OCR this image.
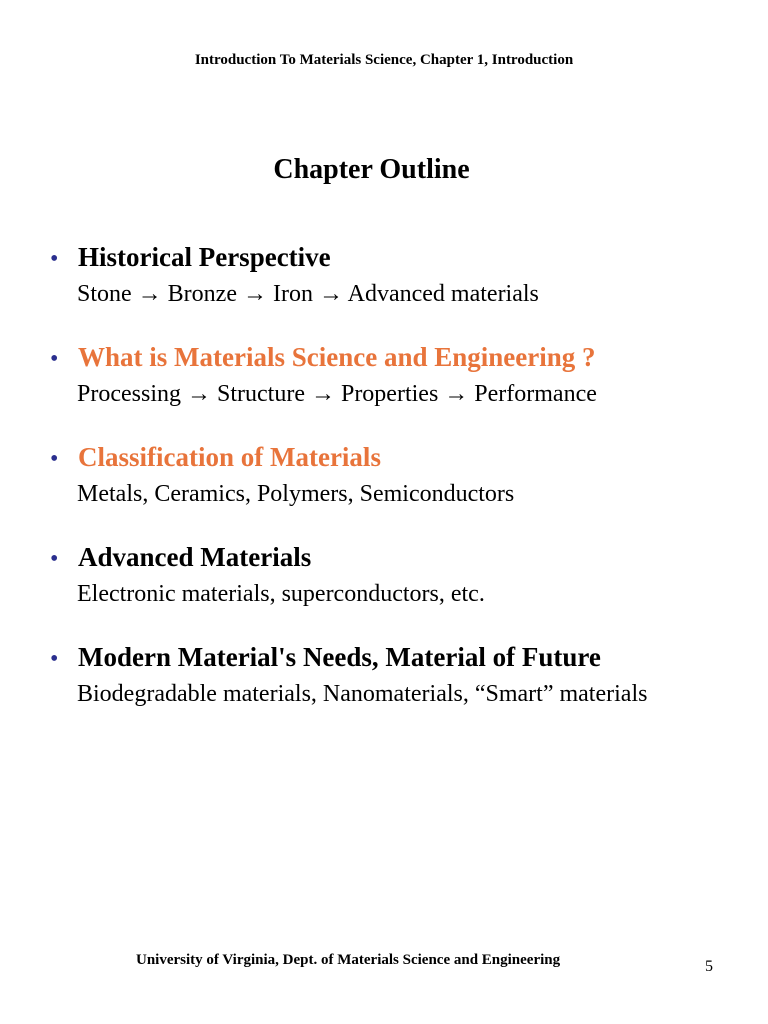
Introduction To Materials Science, Chapter 1, Introduction
Chapter Outline
• Historical Perspective
Stone → Bronze → Iron → Advanced materials
• What is Materials Science and Engineering ?
Processing → Structure → Properties → Performance
• Classification of Materials
Metals, Ceramics, Polymers, Semiconductors
• Advanced Materials
Electronic materials, superconductors, etc.
• Modern Material's Needs, Material of Future
Biodegradable materials, Nanomaterials, “Smart” materials
University of Virginia, Dept. of Materials Science and Engineering	5
